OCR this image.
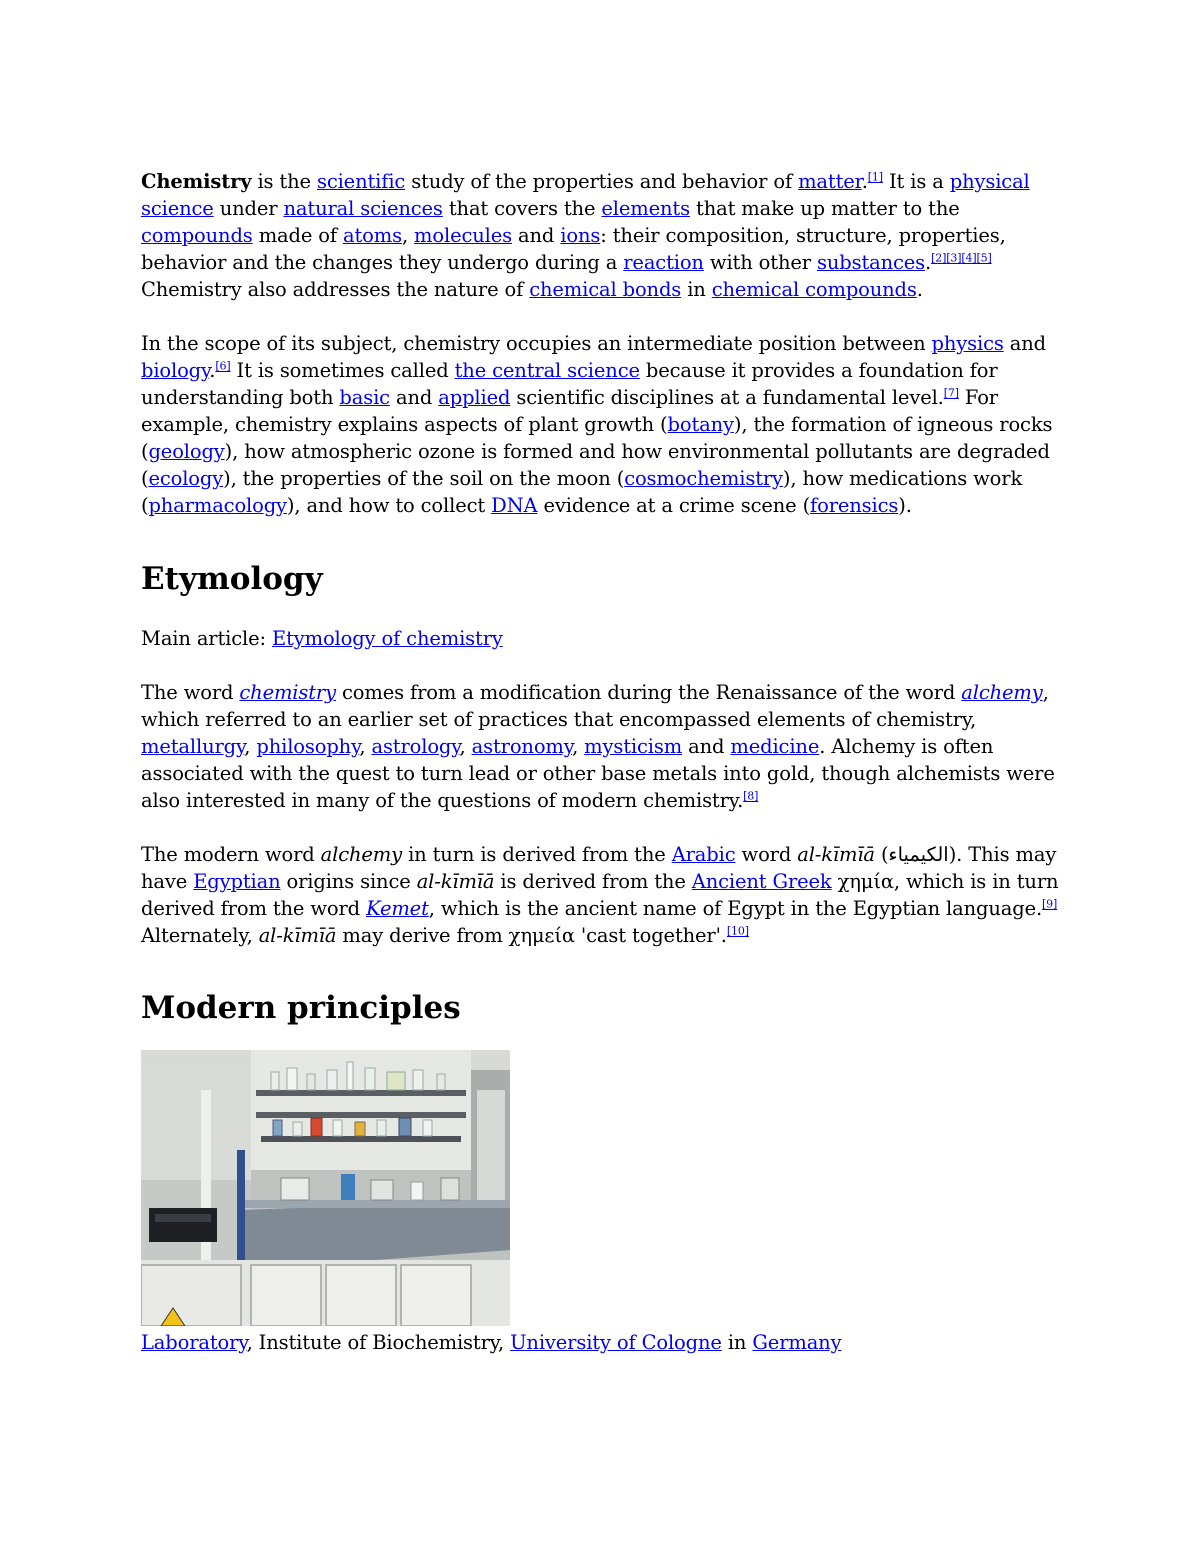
Chemistry is the scientific study of the properties and behavior of matter.[1] It is a physical science under natural sciences that covers the elements that make up matter to the compounds made of atoms, molecules and ions: their composition, structure, properties, behavior and the changes they undergo during a reaction with other substances.[2][3][4][5] Chemistry also addresses the nature of chemical bonds in chemical compounds.

In the scope of its subject, chemistry occupies an intermediate position between physics and biology.[6] It is sometimes called the central science because it provides a foundation for understanding both basic and applied scientific disciplines at a fundamental level.[7] For example, chemistry explains aspects of plant growth (botany), the formation of igneous rocks (geology), how atmospheric ozone is formed and how environmental pollutants are degraded (ecology), the properties of the soil on the moon (cosmochemistry), how medications work (pharmacology), and how to collect DNA evidence at a crime scene (forensics).

Etymology

Main article: Etymology of chemistry

The word chemistry comes from a modification during the Renaissance of the word alchemy, which referred to an earlier set of practices that encompassed elements of chemistry, metallurgy, philosophy, astrology, astronomy, mysticism and medicine. Alchemy is often associated with the quest to turn lead or other base metals into gold, though alchemists were also interested in many of the questions of modern chemistry.[8]

The modern word alchemy in turn is derived from the Arabic word al-kīmīā (الكيمياء). This may have Egyptian origins since al-kīmīā is derived from the Ancient Greek χημία, which is in turn derived from the word Kemet, which is the ancient name of Egypt in the Egyptian language.[9] Alternately, al-kīmīā may derive from χημεία 'cast together'.[10]

Modern principles

Laboratory, Institute of Biochemistry, University of Cologne in Germany
